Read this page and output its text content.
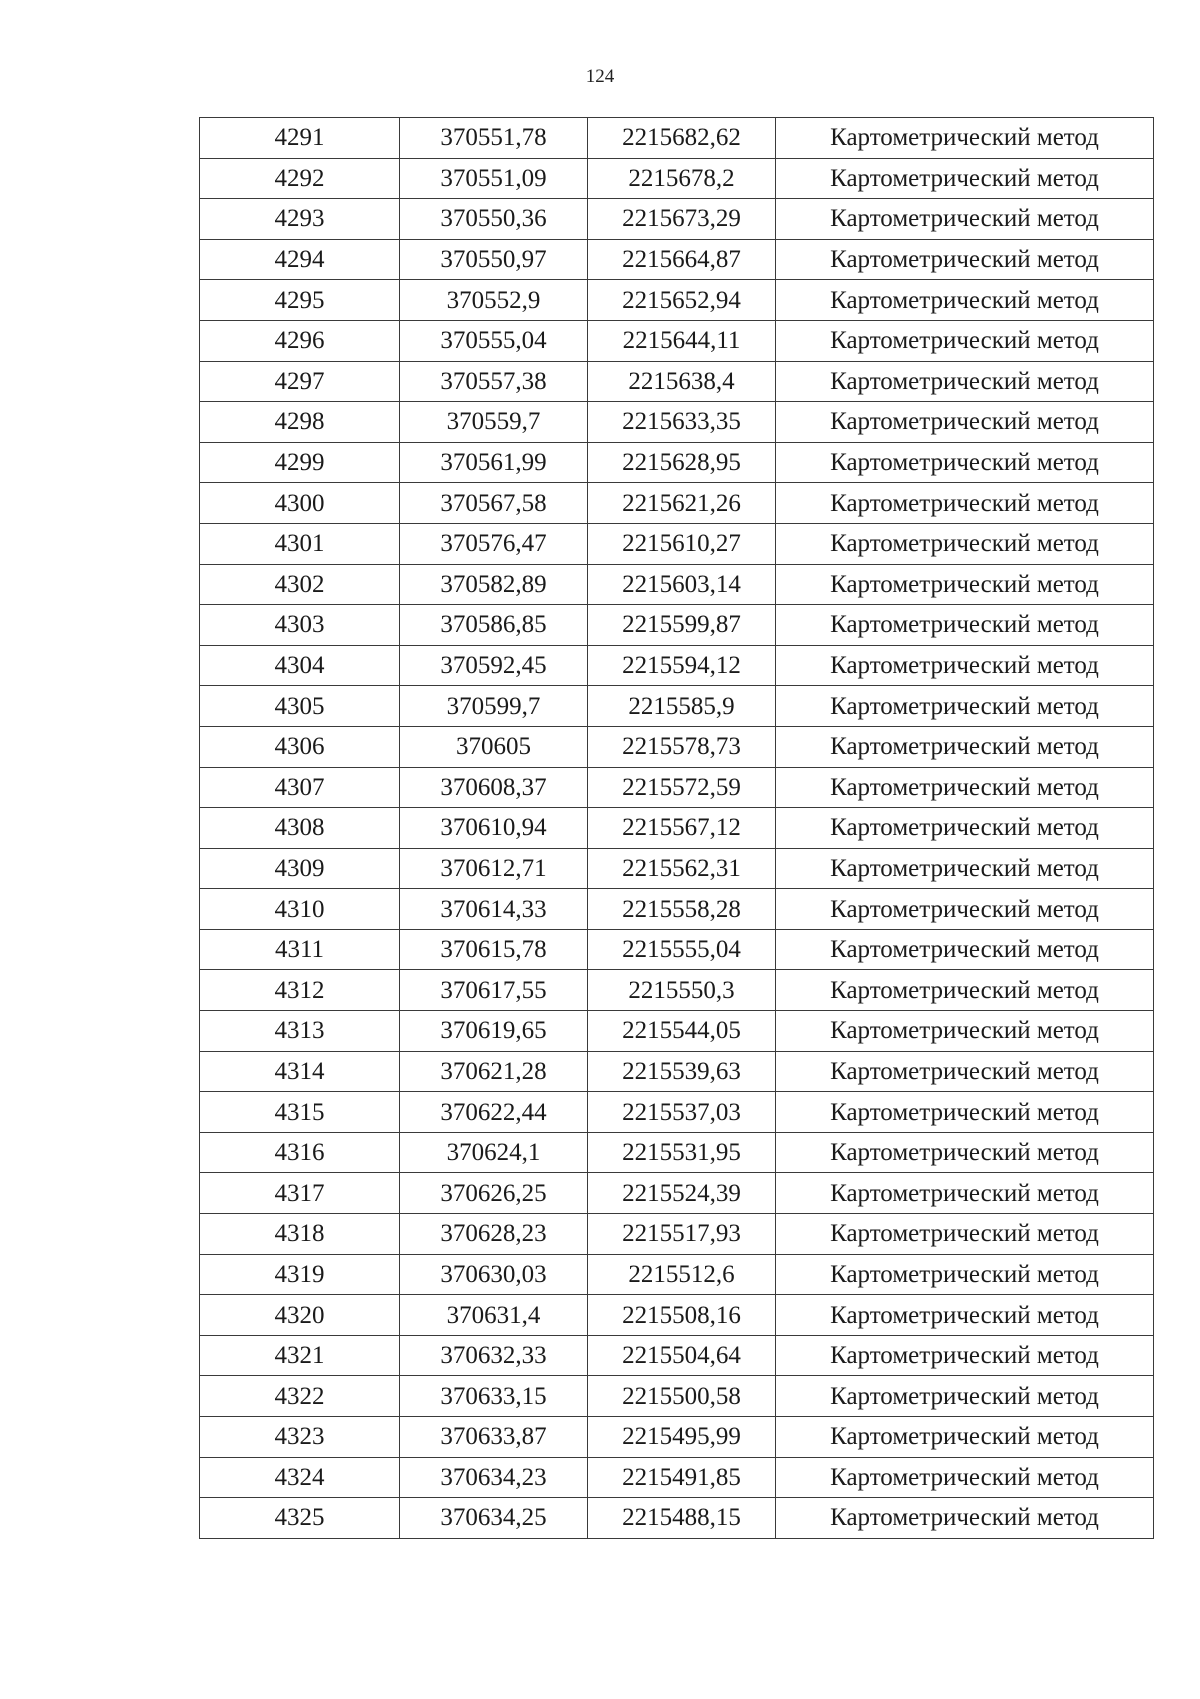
124
4291	370551,78	2215682,62	Картометрический метод
4292	370551,09	2215678,2	Картометрический метод
4293	370550,36	2215673,29	Картометрический метод
4294	370550,97	2215664,87	Картометрический метод
4295	370552,9	2215652,94	Картометрический метод
4296	370555,04	2215644,11	Картометрический метод
4297	370557,38	2215638,4	Картометрический метод
4298	370559,7	2215633,35	Картометрический метод
4299	370561,99	2215628,95	Картометрический метод
4300	370567,58	2215621,26	Картометрический метод
4301	370576,47	2215610,27	Картометрический метод
4302	370582,89	2215603,14	Картометрический метод
4303	370586,85	2215599,87	Картометрический метод
4304	370592,45	2215594,12	Картометрический метод
4305	370599,7	2215585,9	Картометрический метод
4306	370605	2215578,73	Картометрический метод
4307	370608,37	2215572,59	Картометрический метод
4308	370610,94	2215567,12	Картометрический метод
4309	370612,71	2215562,31	Картометрический метод
4310	370614,33	2215558,28	Картометрический метод
4311	370615,78	2215555,04	Картометрический метод
4312	370617,55	2215550,3	Картометрический метод
4313	370619,65	2215544,05	Картометрический метод
4314	370621,28	2215539,63	Картометрический метод
4315	370622,44	2215537,03	Картометрический метод
4316	370624,1	2215531,95	Картометрический метод
4317	370626,25	2215524,39	Картометрический метод
4318	370628,23	2215517,93	Картометрический метод
4319	370630,03	2215512,6	Картометрический метод
4320	370631,4	2215508,16	Картометрический метод
4321	370632,33	2215504,64	Картометрический метод
4322	370633,15	2215500,58	Картометрический метод
4323	370633,87	2215495,99	Картометрический метод
4324	370634,23	2215491,85	Картометрический метод
4325	370634,25	2215488,15	Картометрический метод
